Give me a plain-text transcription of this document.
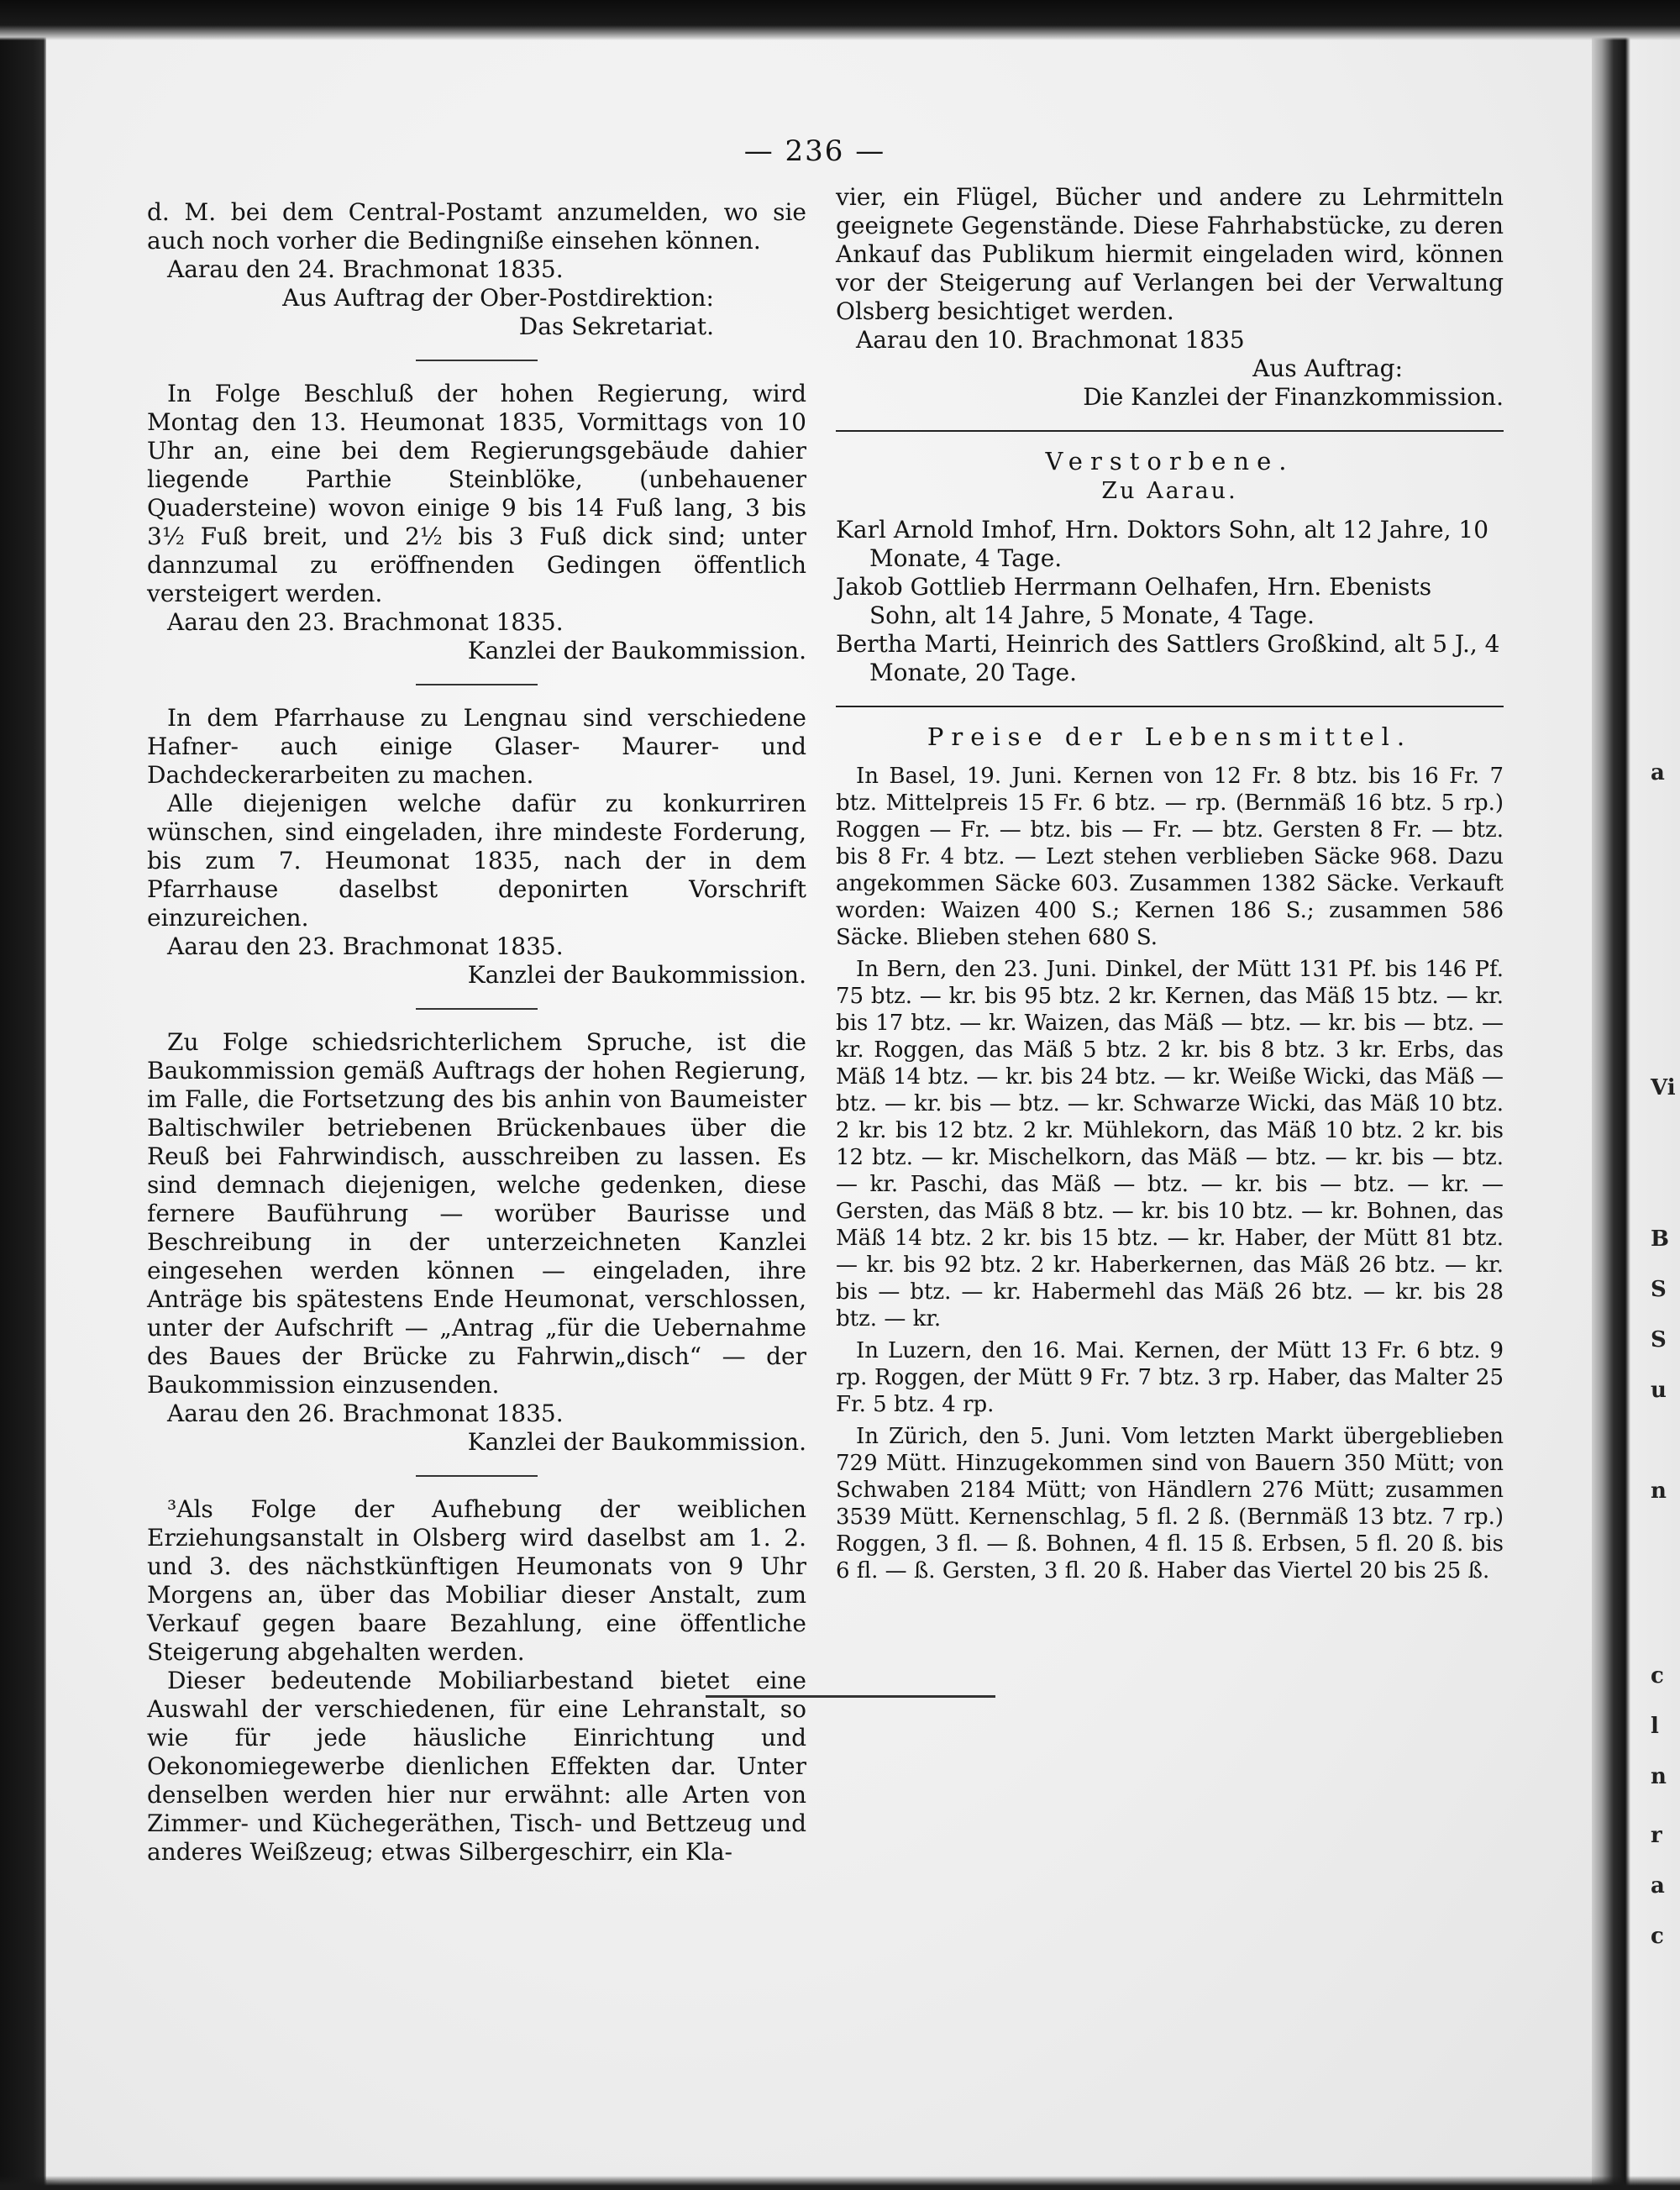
a
Vi
B
S
S
u
n
c
l
n
r
a
c
— 236 —

d. M. bei dem Central-Postamt anzumelden, wo sie auch noch vorher die Bedingniße einsehen können.

Aarau den 24. Brachmonat 1835.

Aus Auftrag der Ober-Postdirektion:

Das Sekretariat.

In Folge Beschluß der hohen Regierung, wird Montag den 13. Heumonat 1835, Vormittags von 10 Uhr an, eine bei dem Regierungsgebäude dahier liegende Parthie Steinblöke, (unbehauener Quadersteine) wovon einige 9 bis 14 Fuß lang, 3 bis 3½ Fuß breit, und 2½ bis 3 Fuß dick sind; unter dannzumal zu eröffnenden Gedingen öffentlich versteigert werden.

Aarau den 23. Brachmonat 1835.

Kanzlei der Baukommission.

In dem Pfarrhause zu Lengnau sind verschiedene Hafner- auch einige Glaser- Maurer- und Dachdeckerarbeiten zu machen.

Alle diejenigen welche dafür zu konkurriren wünschen, sind eingeladen, ihre mindeste Forderung, bis zum 7. Heumonat 1835, nach der in dem Pfarrhause daselbst deponirten Vorschrift einzureichen.

Aarau den 23. Brachmonat 1835.

Kanzlei der Baukommission.

Zu Folge schiedsrichterlichem Spruche, ist die Baukommission gemäß Auftrags der hohen Regierung, im Falle, die Fortsetzung des bis anhin von Baumeister Baltischwiler betriebenen Brückenbaues über die Reuß bei Fahrwindisch, ausschreiben zu lassen. Es sind demnach diejenigen, welche gedenken, diese fernere Bauführung — worüber Baurisse und Beschreibung in der unterzeichneten Kanzlei eingesehen werden können — eingeladen, ihre Anträge bis spätestens Ende Heumonat, verschlossen, unter der Aufschrift — „Antrag „für die Uebernahme des Baues der Brücke zu Fahrwin„disch“ — der Baukommission einzusenden.

Aarau den 26. Brachmonat 1835.

Kanzlei der Baukommission.

³Als Folge der Aufhebung der weiblichen Erziehungsanstalt in Olsberg wird daselbst am 1. 2. und 3. des nächstkünftigen Heumonats von 9 Uhr Morgens an, über das Mobiliar dieser Anstalt, zum Verkauf gegen baare Bezahlung, eine öffentliche Steigerung abgehalten werden.

Dieser bedeutende Mobiliarbestand bietet eine Auswahl der verschiedenen, für eine Lehranstalt, so wie für jede häusliche Einrichtung und Oekonomiegewerbe dienlichen Effekten dar. Unter denselben werden hier nur erwähnt: alle Arten von Zimmer- und Küchegeräthen, Tisch- und Bettzeug und anderes Weißzeug; etwas Silbergeschirr, ein Kla-

vier, ein Flügel, Bücher und andere zu Lehrmitteln geeignete Gegenstände. Diese Fahrhabstücke, zu deren Ankauf das Publikum hiermit eingeladen wird, können vor der Steigerung auf Verlangen bei der Verwaltung Olsberg besichtiget werden.

Aarau den 10. Brachmonat 1835

Aus Auftrag:

Die Kanzlei der Finanzkommission.

Verstorbene.

Zu Aarau.

Karl Arnold Imhof, Hrn. Doktors Sohn, alt 12 Jahre, 10 Monate, 4 Tage.

Jakob Gottlieb Herrmann Oelhafen, Hrn. Ebenists Sohn, alt 14 Jahre, 5 Monate, 4 Tage.

Bertha Marti, Heinrich des Sattlers Großkind, alt 5 J., 4 Monate, 20 Tage.

Preise der Lebensmittel.

In Basel, 19. Juni. Kernen von 12 Fr. 8 btz. bis 16 Fr. 7 btz. Mittelpreis 15 Fr. 6 btz. — rp. (Bernmäß 16 btz. 5 rp.) Roggen — Fr. — btz. bis — Fr. — btz. Gersten 8 Fr. — btz. bis 8 Fr. 4 btz. — Lezt stehen verblieben Säcke 968. Dazu angekommen Säcke 603. Zusammen 1382 Säcke. Verkauft worden: Waizen 400 S.; Kernen 186 S.; zusammen 586 Säcke. Blieben stehen 680 S.

In Bern, den 23. Juni. Dinkel, der Mütt 131 Pf. bis 146 Pf. 75 btz. — kr. bis 95 btz. 2 kr. Kernen, das Mäß 15 btz. — kr. bis 17 btz. — kr. Waizen, das Mäß — btz. — kr. bis — btz. — kr. Roggen, das Mäß 5 btz. 2 kr. bis 8 btz. 3 kr. Erbs, das Mäß 14 btz. — kr. bis 24 btz. — kr. Weiße Wicki, das Mäß — btz. — kr. bis — btz. — kr. Schwarze Wicki, das Mäß 10 btz. 2 kr. bis 12 btz. 2 kr. Mühlekorn, das Mäß 10 btz. 2 kr. bis 12 btz. — kr. Mischelkorn, das Mäß — btz. — kr. bis — btz. — kr. Paschi, das Mäß — btz. — kr. bis — btz. — kr. — Gersten, das Mäß 8 btz. — kr. bis 10 btz. — kr. Bohnen, das Mäß 14 btz. 2 kr. bis 15 btz. — kr. Haber, der Mütt 81 btz. — kr. bis 92 btz. 2 kr. Haberkernen, das Mäß 26 btz. — kr. bis — btz. — kr. Habermehl das Mäß 26 btz. — kr. bis 28 btz. — kr.

In Luzern, den 16. Mai. Kernen, der Mütt 13 Fr. 6 btz. 9 rp. Roggen, der Mütt 9 Fr. 7 btz. 3 rp. Haber, das Malter 25 Fr. 5 btz. 4 rp.

In Zürich, den 5. Juni. Vom letzten Markt übergeblieben 729 Mütt. Hinzugekommen sind von Bauern 350 Mütt; von Schwaben 2184 Mütt; von Händlern 276 Mütt; zusammen 3539 Mütt. Kernenschlag, 5 fl. 2 ß. (Bernmäß 13 btz. 7 rp.) Roggen, 3 fl. — ß. Bohnen, 4 fl. 15 ß. Erbsen, 5 fl. 20 ß. bis 6 fl. — ß. Gersten, 3 fl. 20 ß. Haber das Viertel 20 bis 25 ß.
